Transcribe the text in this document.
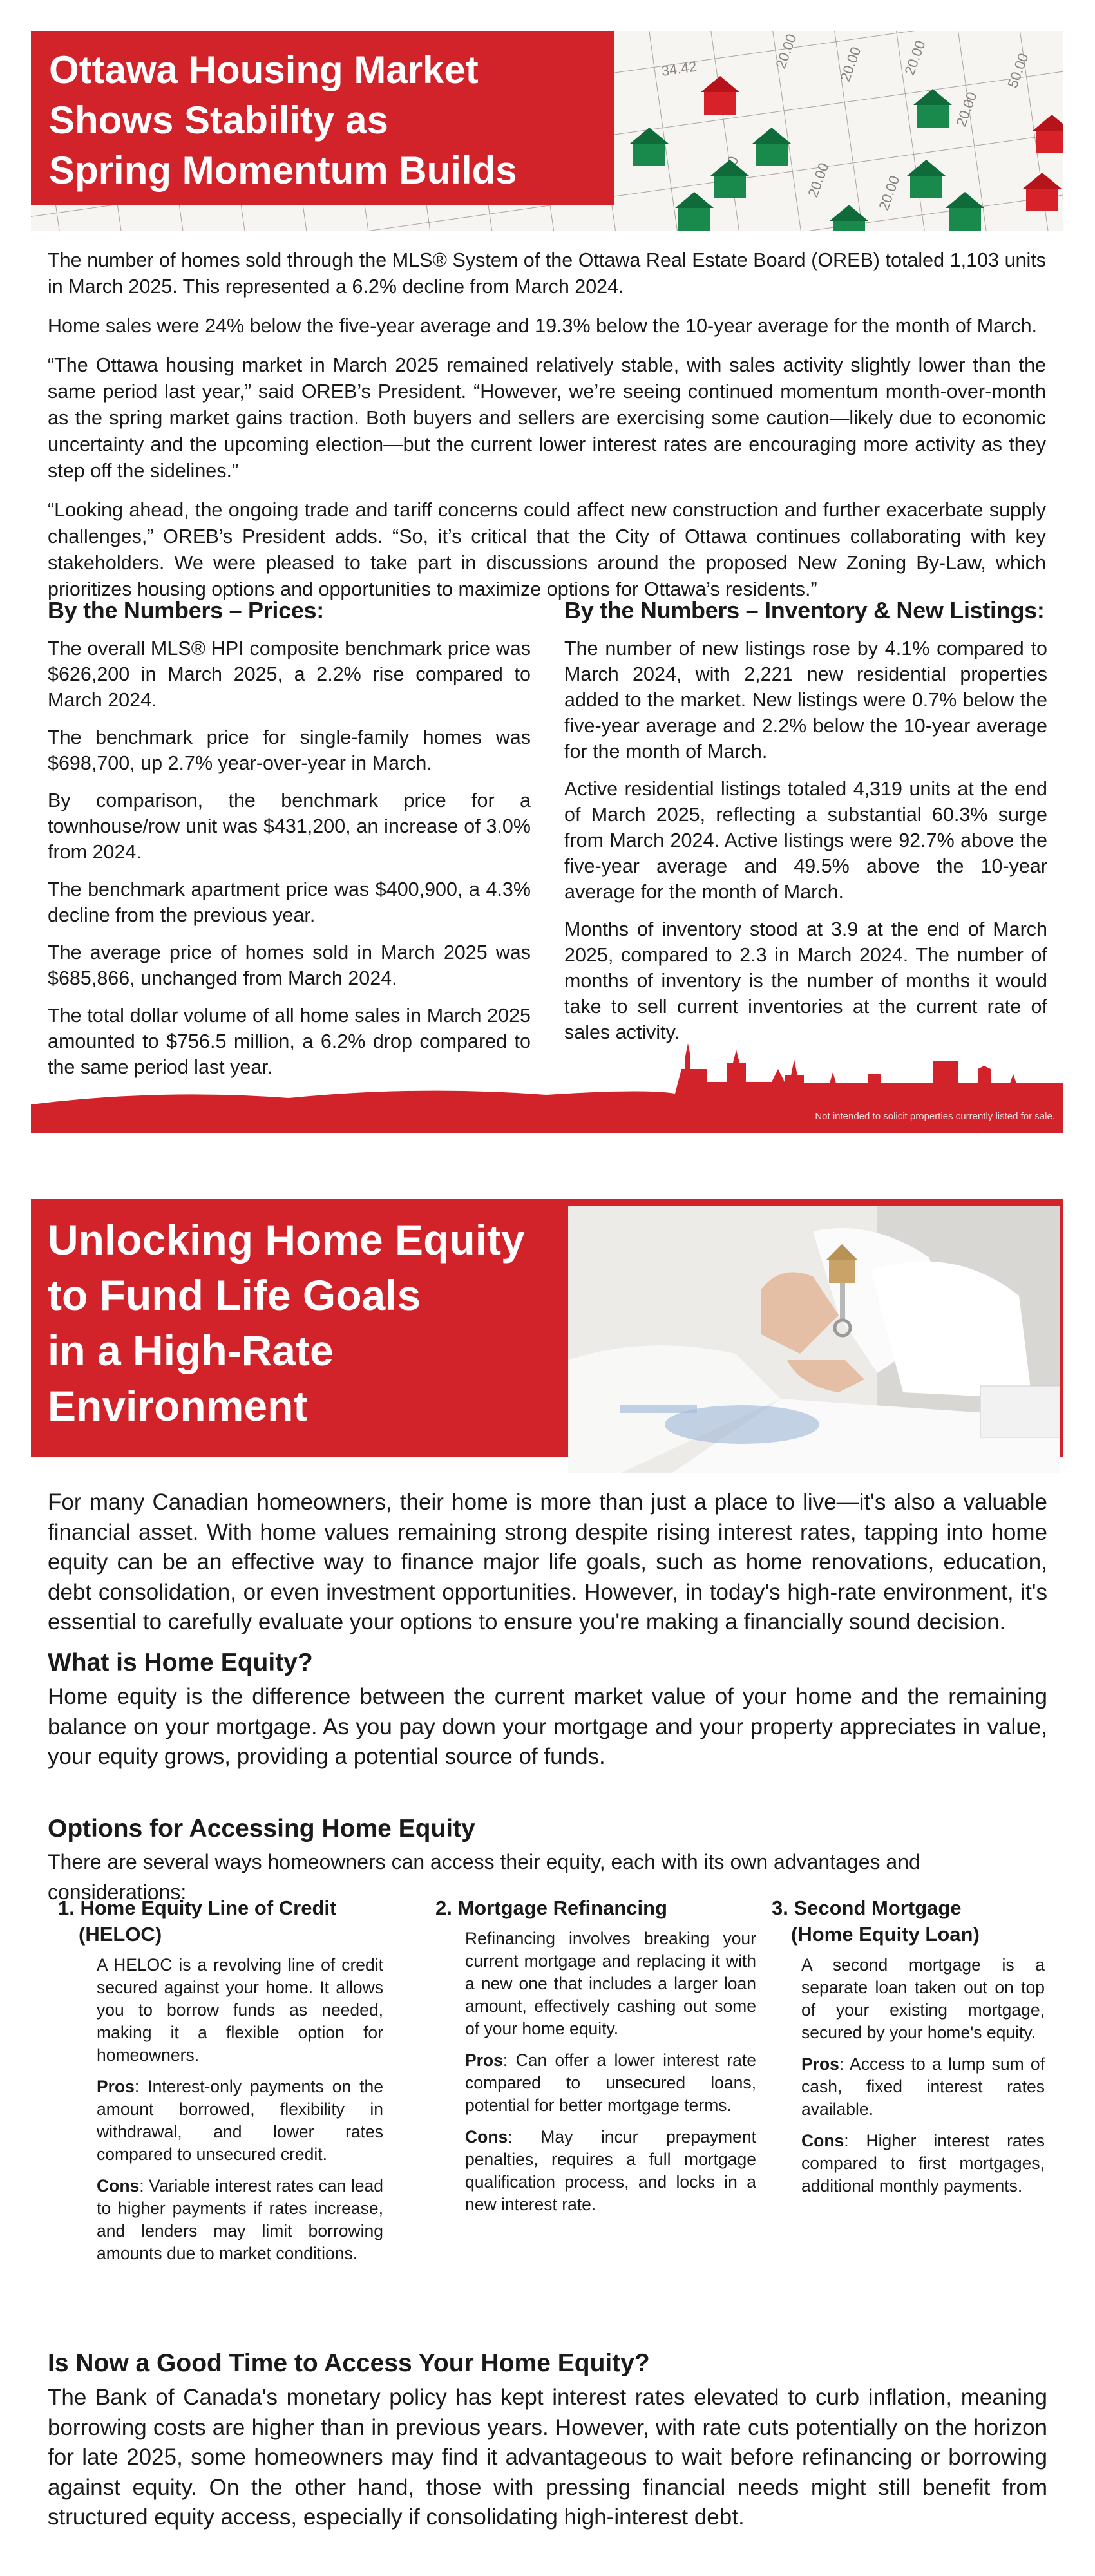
34.42	20.00	20.00	20.00
20.00
20.00	20.00
50.00
Ottawa Housing Market
Shows Stability as
Spring Momentum Builds

The number of homes sold through the MLS® System of the Ottawa Real Estate Board (OREB) totaled 1,103 units in March 2025. This represented a 6.2% decline from March 2024.

Home sales were 24% below the five-year average and 19.3% below the 10-year average for the month of March.

“The Ottawa housing market in March 2025 remained relatively stable, with sales activity slightly lower than the same period last year,” said OREB’s President. “However, we’re seeing continued momentum month-over-month as the spring market gains traction. Both buyers and sellers are exercising some caution—likely due to economic uncertainty and the upcoming election—but the current lower interest rates are encouraging more activity as they step off the sidelines.”

“Looking ahead, the ongoing trade and tariff concerns could affect new construction and further exacerbate supply challenges,” OREB’s President adds. “So, it’s critical that the City of Ottawa continues collaborating with key stakeholders. We were pleased to take part in discussions around the proposed New Zoning By-Law, which prioritizes housing options and opportunities to maximize options for Ottawa’s residents.”

By the Numbers – Prices:

The overall MLS® HPI composite benchmark price was $626,200 in March 2025, a 2.2% rise compared to March 2024.

The benchmark price for single-family homes was $698,700, up 2.7% year-over-year in March.

By comparison, the benchmark price for a townhouse/row unit was $431,200, an increase of 3.0% from 2024.

The benchmark apartment price was $400,900, a 4.3% decline from the previous year.

The average price of homes sold in March 2025 was $685,866, unchanged from March 2024.

The total dollar volume of all home sales in March 2025 amounted to $756.5 million, a 6.2% drop compared to the same period last year.

By the Numbers – Inventory & New Listings:

The number of new listings rose by 4.1% compared to March 2024, with 2,221 new residential properties added to the market. New listings were 0.7% below the five-year average and 2.2% below the 10-year average for the month of March.

Active residential listings totaled 4,319 units at the end of March 2025, reflecting a substantial 60.3% surge from March 2024. Active listings were 92.7% above the five-year average and 49.5% above the 10-year average for the month of March.

Months of inventory stood at 3.9 at the end of March 2025, compared to 2.3 in March 2024. The number of months of inventory is the number of months it would take to sell current inventories at the current rate of sales activity.

Not intended to solicit properties currently listed for sale.
Unlocking Home Equity
to Fund Life Goals
in a High-Rate
Environment

For many Canadian homeowners, their home is more than just a place to live—it's also a valuable financial asset. With home values remaining strong despite rising interest rates, tapping into home equity can be an effective way to finance major life goals, such as home renovations, education, debt consolidation, or even investment opportunities. However, in today's high-rate environment, it's essential to carefully evaluate your options to ensure you're making a financially sound decision.

What is Home Equity?

Home equity is the difference between the current market value of your home and the remaining balance on your mortgage. As you pay down your mortgage and your property appreciates in value, your equity grows, providing a potential source of funds.

Options for Accessing Home Equity

There are several ways homeowners can access their equity, each with its own advantages and considerations:

1. Home Equity Line of Credit
(HELOC)

A HELOC is a revolving line of credit secured against your home. It allows you to borrow funds as needed, making it a flexible option for homeowners.

Pros: Interest-only payments on the amount borrowed, flexibility in withdrawal, and lower rates compared to unsecured credit.

Cons: Variable interest rates can lead to higher payments if rates increase, and lenders may limit borrowing amounts due to market conditions.

2. Mortgage Refinancing

Refinancing involves breaking your current mortgage and replacing it with a new one that includes a larger loan amount, effectively cashing out some of your home equity.

Pros: Can offer a lower interest rate compared to unsecured loans, potential for better mortgage terms.

Cons: May incur prepayment penalties, requires a full mortgage qualification process, and locks in a new interest rate.

3. Second Mortgage
(Home Equity Loan)

A second mortgage is a separate loan taken out on top of your existing mortgage, secured by your home's equity.

Pros: Access to a lump sum of cash, fixed interest rates available.

Cons: Higher interest rates compared to first mortgages, additional monthly payments.

Is Now a Good Time to Access Your Home Equity?

The Bank of Canada's monetary policy has kept interest rates elevated to curb inflation, meaning borrowing costs are higher than in previous years. However, with rate cuts potentially on the horizon for late 2025, some homeowners may find it advantageous to wait before refinancing or borrowing against equity. On the other hand, those with pressing financial needs might still benefit from structured equity access, especially if consolidating high-interest debt.
